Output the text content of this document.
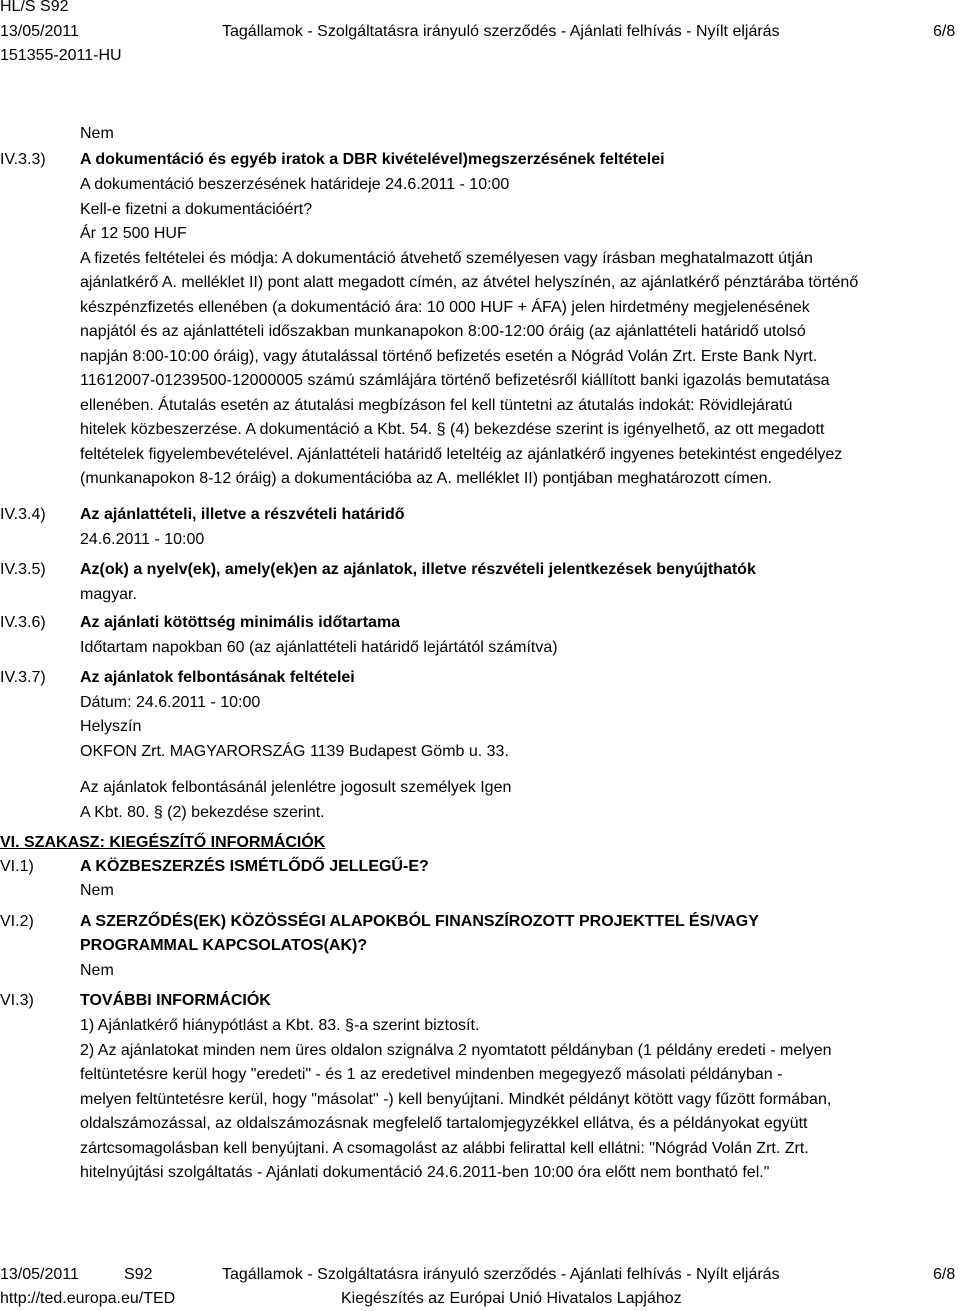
HL/S S92
13/05/2011	Tagállamok - Szolgáltatásra irányuló szerződés - Ajánlati felhívás - Nyílt eljárás	6/8
151355-2011-HU
Nem
IV.3.3) A dokumentáció és egyéb iratok a DBR kivételével)megszerzésének feltételei
A dokumentáció beszerzésének határideje 24.6.2011 - 10:00
Kell-e fizetni a dokumentációért?
Ár 12 500 HUF
A fizetés feltételei és módja: A dokumentáció átvehető személyesen vagy írásban meghatalmazott útján
ajánlatkérő A. melléklet II) pont alatt megadott címén, az átvétel helyszínén, az ajánlatkérő pénztárába történő
készpénzfizetés ellenében (a dokumentáció ára: 10 000 HUF + ÁFA) jelen hirdetmény megjelenésének
napjától és az ajánlattételi időszakban munkanapokon 8:00-12:00 óráig (az ajánlattételi határidő utolsó
napján 8:00-10:00 óráig), vagy átutalással történő befizetés esetén a Nógrád Volán Zrt. Erste Bank Nyrt.
11612007-01239500-12000005 számú számlájára történő befizetésről kiállított banki igazolás bemutatása
ellenében. Átutalás esetén az átutalási megbízáson fel kell tüntetni az átutalás indokát: Rövidlejáratú
hitelek közbeszerzése. A dokumentáció a Kbt. 54. § (4) bekezdése szerint is igényelhető, az ott megadott
feltételek figyelembevételével. Ajánlattételi határidő leteltéig az ajánlatkérő ingyenes betekintést engedélyez
(munkanapokon 8-12 óráig) a dokumentációba az A. melléklet II) pontjában meghatározott címen.
IV.3.4) Az ajánlattételi, illetve a részvételi határidő
24.6.2011 - 10:00
IV.3.5) Az(ok) a nyelv(ek), amely(ek)en az ajánlatok, illetve részvételi jelentkezések benyújthatók
magyar.
IV.3.6) Az ajánlati kötöttség minimális időtartama
Időtartam napokban 60 (az ajánlattételi határidő lejártától számítva)
IV.3.7) Az ajánlatok felbontásának feltételei
Dátum: 24.6.2011 - 10:00
Helyszín
OKFON Zrt. MAGYARORSZÁG 1139 Budapest Gömb u. 33.
Az ajánlatok felbontásánál jelenlétre jogosult személyek Igen
A Kbt. 80. § (2) bekezdése szerint.
VI. SZAKASZ: KIEGÉSZÍTŐ INFORMÁCIÓK
VI.1)	A KÖZBESZERZÉS ISMÉTLŐDŐ JELLEGŰ-E?
Nem
VI.2)	A SZERZŐDÉS(EK) KÖZÖSSÉGI ALAPOKBÓL FINANSZÍROZOTT PROJEKTTEL ÉS/VAGY
PROGRAMMAL KAPCSOLATOS(AK)?
Nem
VI.3)	TOVÁBBI INFORMÁCIÓK
1) Ajánlatkérő hiánypótlást a Kbt. 83. §-a szerint biztosít.
2) Az ajánlatokat minden nem üres oldalon szignálva 2 nyomtatott példányban (1 példány eredeti - melyen
feltüntetésre kerül hogy "eredeti" - és 1 az eredetivel mindenben megegyező másolati példányban -
melyen feltüntetésre kerül, hogy "másolat" -) kell benyújtani. Mindkét példányt kötött vagy fűzött formában,
oldalszámozással, az oldalszámozásnak megfelelő tartalomjegyzékkel ellátva, és a példányokat együtt
zártcsomagolásban kell benyújtani. A csomagolást az alábbi felirattal kell ellátni: "Nógrád Volán Zrt. Zrt.
hitelnyújtási szolgáltatás - Ajánlati dokumentáció 24.6.2011-ben 10:00 óra előtt nem bontható fel."
13/05/2011	S92	Tagállamok - Szolgáltatásra irányuló szerződés - Ajánlati felhívás - Nyílt eljárás	6/8
http://ted.europa.eu/TED	Kiegészítés az Európai Unió Hivatalos Lapjához
